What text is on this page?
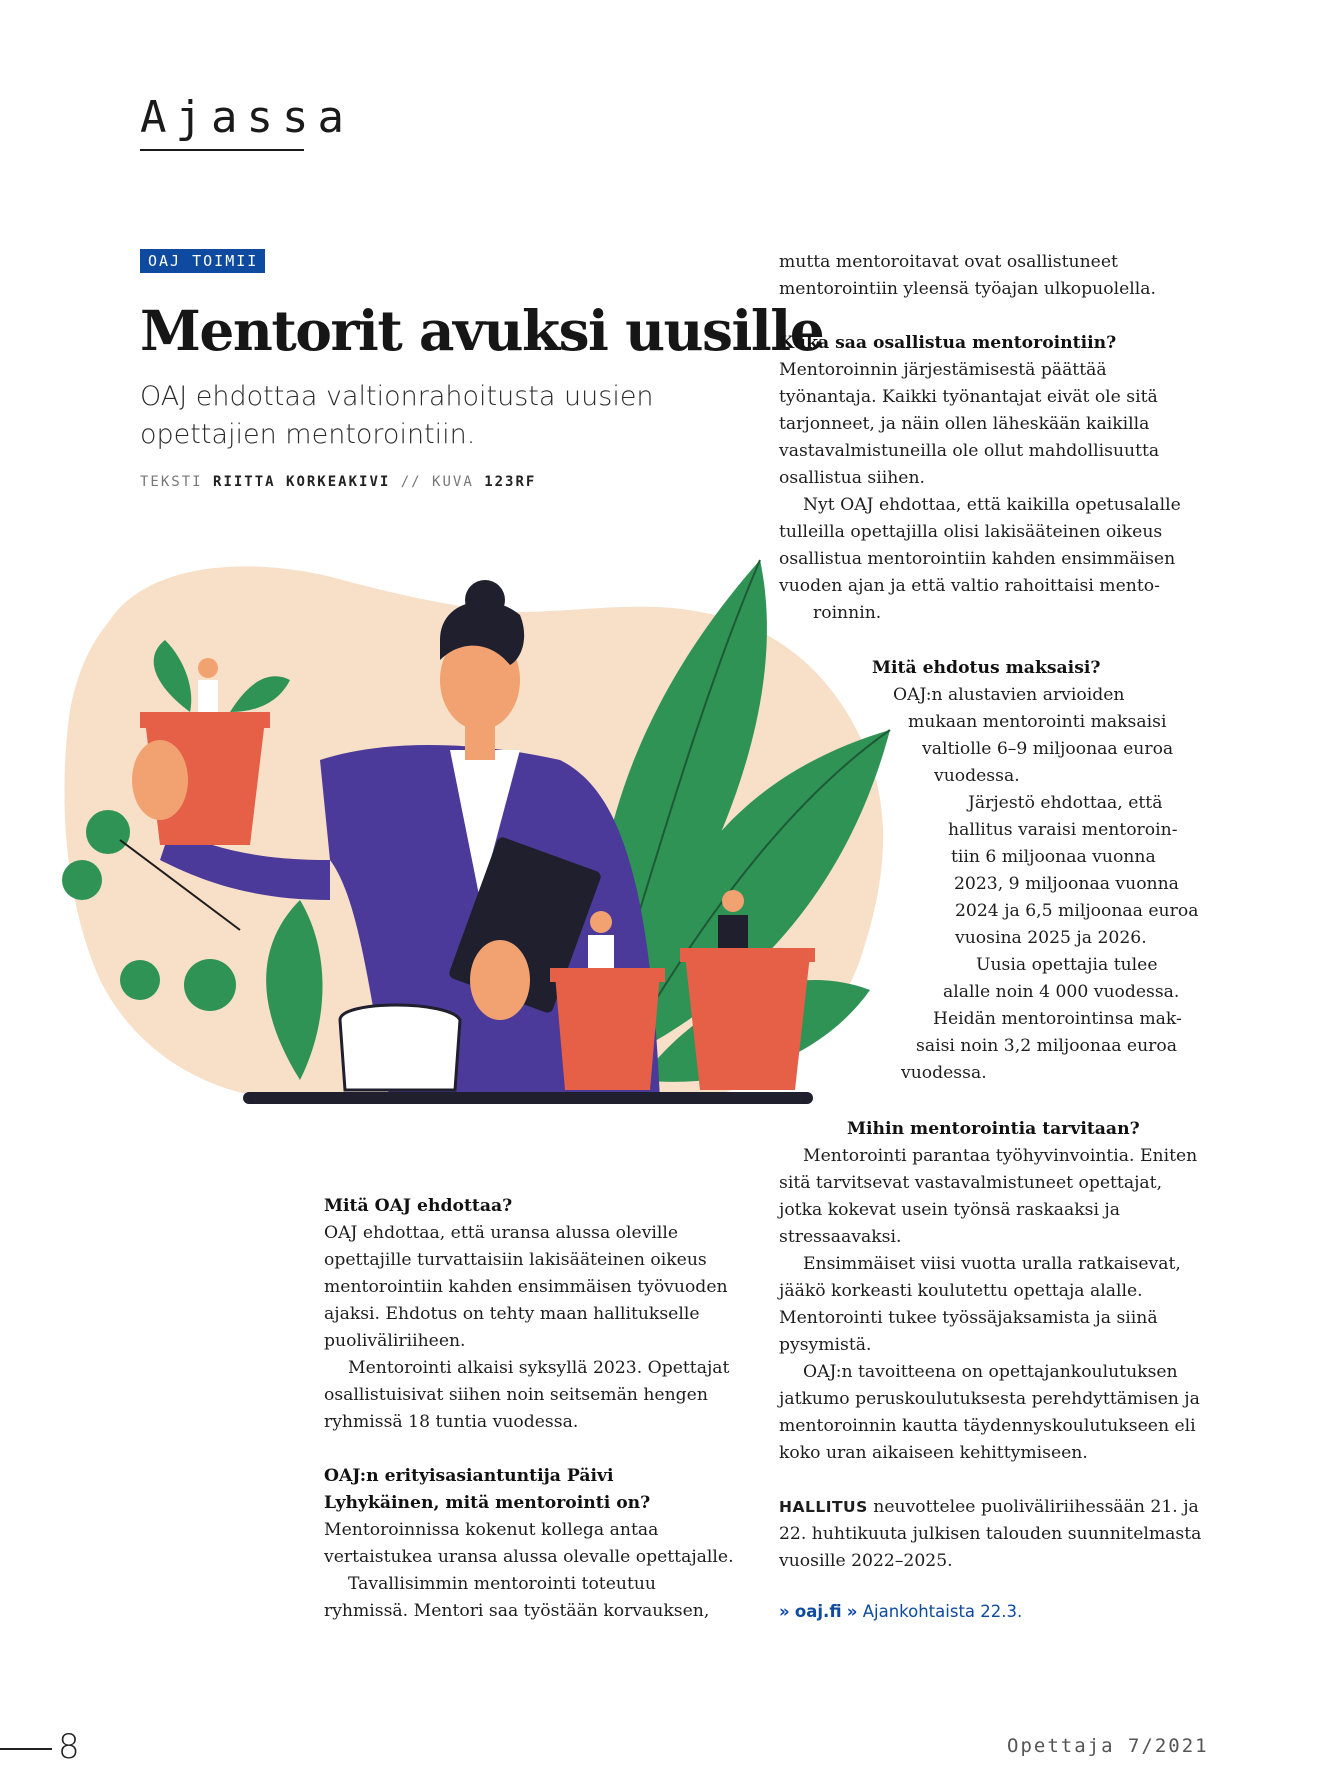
Ajassa
OAJ TOIMII
Mentorit avuksi uusille
OAJ ehdottaa valtionrahoitusta uusien opettajien mentorointiin.
TEKSTI RIITTA KORKEAKIVI // KUVA 123RF
Mitä OAJ ehdottaa?

OAJ ehdottaa, että uransa alussa oleville opettajille turvattaisiin lakisääteinen oikeus mentorointiin kahden ensimmäisen työvuoden ajaksi. Ehdotus on tehty maan hallitukselle puoliväliriiheen.

Mentorointi alkaisi syksyllä 2023. Opettajat osallistuisivat siihen noin seitsemän hengen ryhmissä 18 tuntia vuodessa.

OAJ:n erityisasiantuntija Päivi
Lyhykäinen, mitä mentorointi on?

Mentoroinnissa kokenut kollega antaa vertaistukea uransa alussa olevalle opettajalle.

Tavallisimmin mentorointi toteutuu ryhmissä. Mentori saa työstään korvauksen,

mutta mentoroitavat ovat osallistuneet mentorointiin yleensä työajan ulkopuolella.

Kuka saa osallistua mentorointiin?

Mentoroinnin järjestämisestä päättää työnantaja. Kaikki työnantajat eivät ole sitä tarjonneet, ja näin ollen läheskään kaikilla vastavalmistuneilla ole ollut mahdollisuutta osallistua siihen.

Nyt OAJ ehdottaa, että kaikilla opetusalalle
tulleilla opettajilla olisi lakisääteinen oikeus
osallistua mentorointiin kahden ensimmäisen
vuoden ajan ja että valtio rahoittaisi mento-
roinnin.
Mitä ehdotus maksaisi?
OAJ:n alustavien arvioiden
mukaan mentorointi maksaisi
valtiolle 6–9 miljoonaa euroa
vuodessa.
Järjestö ehdottaa, että
hallitus varaisi mentoroin-
tiin 6 miljoonaa vuonna
2023, 9 miljoonaa vuonna
2024 ja 6,5 miljoonaa euroa
vuosina 2025 ja 2026.
Uusia opettajia tulee
alalle noin 4 000 vuodessa.
Heidän mentorointinsa mak-
saisi noin 3,2 miljoonaa euroa
vuodessa.
Mihin mentorointia tarvitaan?

Mentorointi parantaa työhyvinvointia. Eniten sitä tarvitsevat vastavalmistuneet opettajat, jotka kokevat usein työnsä raskaaksi ja stressaavaksi.

Ensimmäiset viisi vuotta uralla ratkaisevat, jääkö korkeasti koulutettu opettaja alalle. Mentorointi tukee työssäjaksamista ja siinä pysymistä.

OAJ:n tavoitteena on opettajankoulutuksen jatkumo peruskoulutuksesta perehdyttämisen ja mentoroinnin kautta täydennyskoulutukseen eli koko uran aikaiseen kehittymiseen.

HALLITUS neuvottelee puoliväliriihessään 21. ja 22. huhtikuuta julkisen talouden suunnitelmasta vuosille 2022–2025.

» oaj.fi » Ajankohtaista 22.3.
8	Opettaja 7/2021
